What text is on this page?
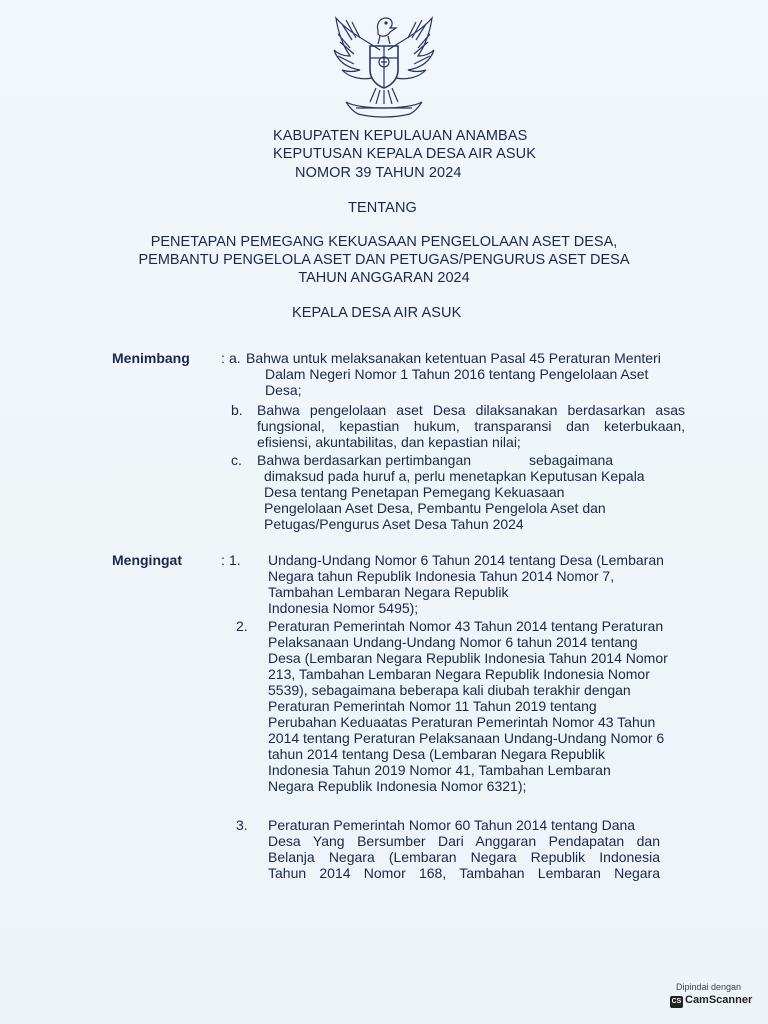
KABUPATEN KEPULAUAN ANAMBAS
KEPUTUSAN KEPALA DESA AIR ASUK
NOMOR 39 TAHUN 2024
TENTANG
PENETAPAN PEMEGANG KEKUASAAN PENGELOLAAN ASET DESA,
PEMBANTU PENGELOLA ASET DAN PETUGAS/PENGURUS ASET DESA
TAHUN ANGGARAN 2024
KEPALA DESA AIR ASUK
Menimbang : a. Bahwa untuk melaksanakan ketentuan Pasal 45 Peraturan Menteri
Dalam Negeri Nomor 1 Tahun 2016 tentang Pengelolaan Aset
Desa;
b. Bahwa pengelolaan aset Desa dilaksanakan berdasarkan asas
fungsional, kepastian hukum, transparansi dan keterbukaan,
efisiensi, akuntabilitas, dan kepastian nilai;
c. Bahwa berdasarkan pertimbangan	sebagaimana
dimaksud pada huruf a, perlu menetapkan Keputusan Kepala
Desa tentang Penetapan Pemegang Kekuasaan
Pengelolaan Aset Desa, Pembantu Pengelola Aset dan
Petugas/Pengurus Aset Desa Tahun 2024
Mengingat	: 1. Undang-Undang Nomor 6 Tahun 2014 tentang Desa (Lembaran
Negara tahun Republik Indonesia Tahun 2014 Nomor 7,
Tambahan Lembaran Negara Republik
Indonesia Nomor 5495);
2. Peraturan Pemerintah Nomor 43 Tahun 2014 tentang Peraturan
Pelaksanaan Undang-Undang Nomor 6 tahun 2014 tentang
Desa (Lembaran Negara Republik Indonesia Tahun 2014 Nomor
213, Tambahan Lembaran Negara Republik Indonesia Nomor
5539), sebagaimana beberapa kali diubah terakhir dengan
Peraturan Pemerintah Nomor 11 Tahun 2019 tentang
Perubahan Keduaatas Peraturan Pemerintah Nomor 43 Tahun
2014 tentang Peraturan Pelaksanaan Undang-Undang Nomor 6
tahun 2014 tentang Desa (Lembaran Negara Republik
Indonesia Tahun 2019 Nomor 41, Tambahan Lembaran
Negara Republik Indonesia Nomor 6321);
3. Peraturan Pemerintah Nomor 60 Tahun 2014 tentang Dana
Desa Yang Bersumber Dari Anggaran Pendapatan dan
Belanja Negara (Lembaran Negara Republik Indonesia
Tahun 2014 Nomor 168, Tambahan Lembaran Negara
Dipindai dengan
CS CamScanner
